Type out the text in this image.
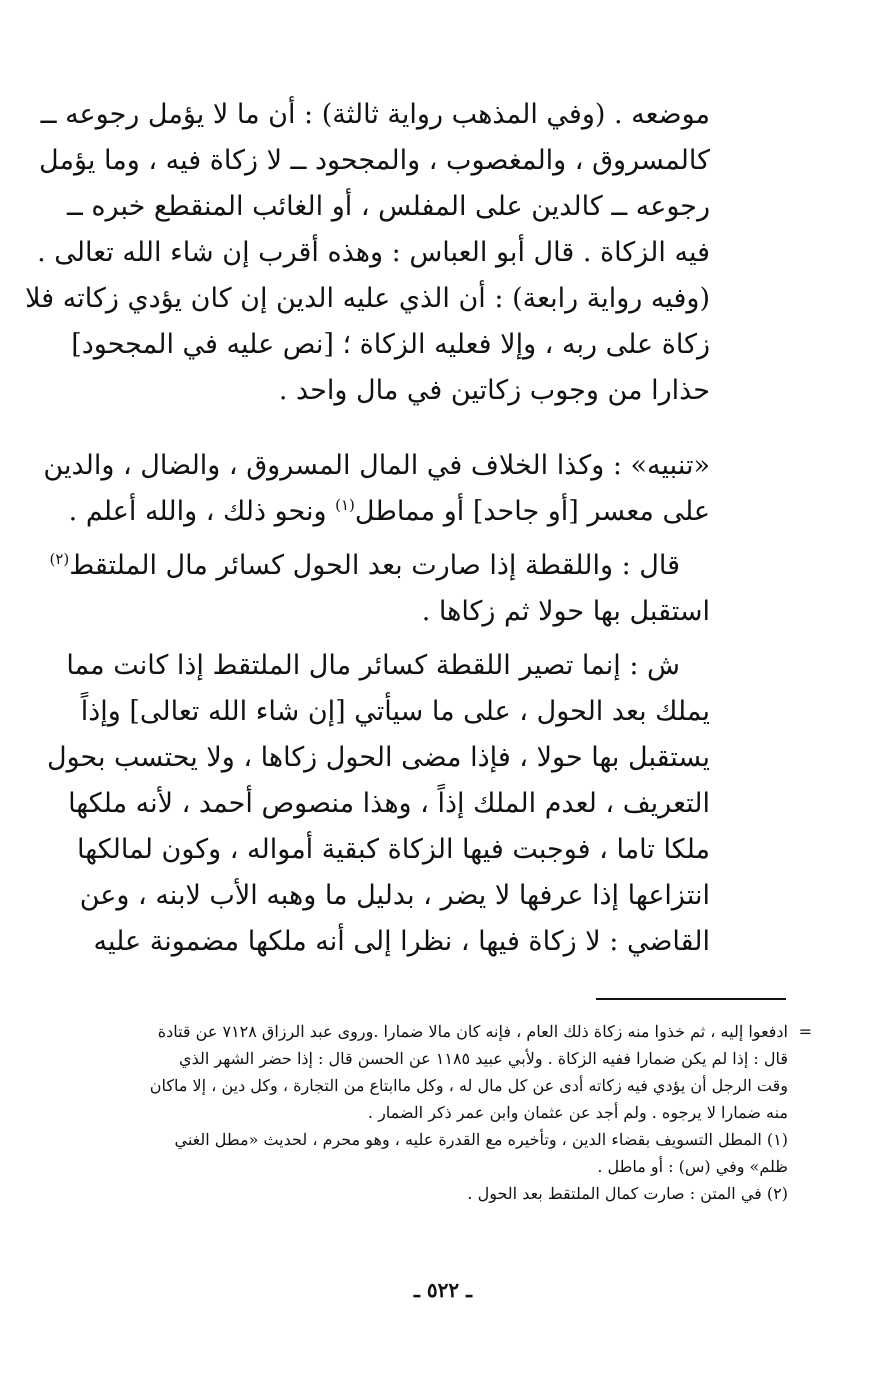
موضعه . (وفي المذهب رواية ثالثة) : أن ما لا يؤمل رجوعه ــ
كالمسروق ، والمغصوب ، والمجحود ــ لا زكاة فيه ، وما يؤمل
رجوعه ــ كالدين على المفلس ، أو الغائب المنقطع خبره ــ
فيه الزكاة . قال أبو العباس : وهذه أقرب إن شاء الله تعالى .
(وفيه رواية رابعة) : أن الذي عليه الدين إن كان يؤدي زكاته فلا
زكاة على ربه ، وإلا فعليه الزكاة ؛ [نص عليه في المجحود]
حذارا من وجوب زكاتين في مال واحد .
«تنبيه» : وكذا الخلاف في المال المسروق ، والضال ، والدين
على معسر [أو جاحد] أو مماطل$^{(١)}$ ونحو ذلك ، والله أعلم .
قال : واللقطة إذا صارت بعد الحول كسائر مال الملتقط$^{(٢)}$
استقبل بها حولا ثم زكاها .
ش : إنما تصير اللقطة كسائر مال الملتقط إذا كانت مما
يملك بعد الحول ، على ما سيأتي [إن شاء الله تعالى] وإذاً
يستقبل بها حولا ، فإذا مضى الحول زكاها ، ولا يحتسب بحول
التعريف ، لعدم الملك إذاً ، وهذا منصوص أحمد ، لأنه ملكها
ملكا تاما ، فوجبت فيها الزكاة كبقية أمواله ، وكون لمالكها
انتزاعها إذا عرفها لا يضر ، بدليل ما وهبه الأب لابنه ، وعن
القاضي : لا زكاة فيها ، نظرا إلى أنه ملكها مضمونة عليه
=
ادفعوا إليه ، ثم خذوا منه زكاة ذلك العام ، فإنه كان مالا ضمارا .وروى عبد الرزاق ٧١٢٨ عن قتادة
قال : إذا لم يكن ضمارا ففيه الزكاة . ولأبي عبيد ١١٨٥ عن الحسن قال : إذا حضر الشهر الذي
وقت الرجل أن يؤدي فيه زكاته أدى عن كل مال له ، وكل ماابتاع من التجارة ، وكل دين ، إلا ماكان
منه ضمارا لا يرجوه . ولم أجد عن عثمان وابن عمر ذكر الضمار .
(١) المطل التسويف بقضاء الدين ، وتأخيره مع القدرة عليه ، وهو محرم ، لحديث «مطل الغني
ظلم» وفي (س) : أو ماطل .
(٢) في المتن : صارت كمال الملتقط بعد الحول .
ـ ٥٢٢ ـ
